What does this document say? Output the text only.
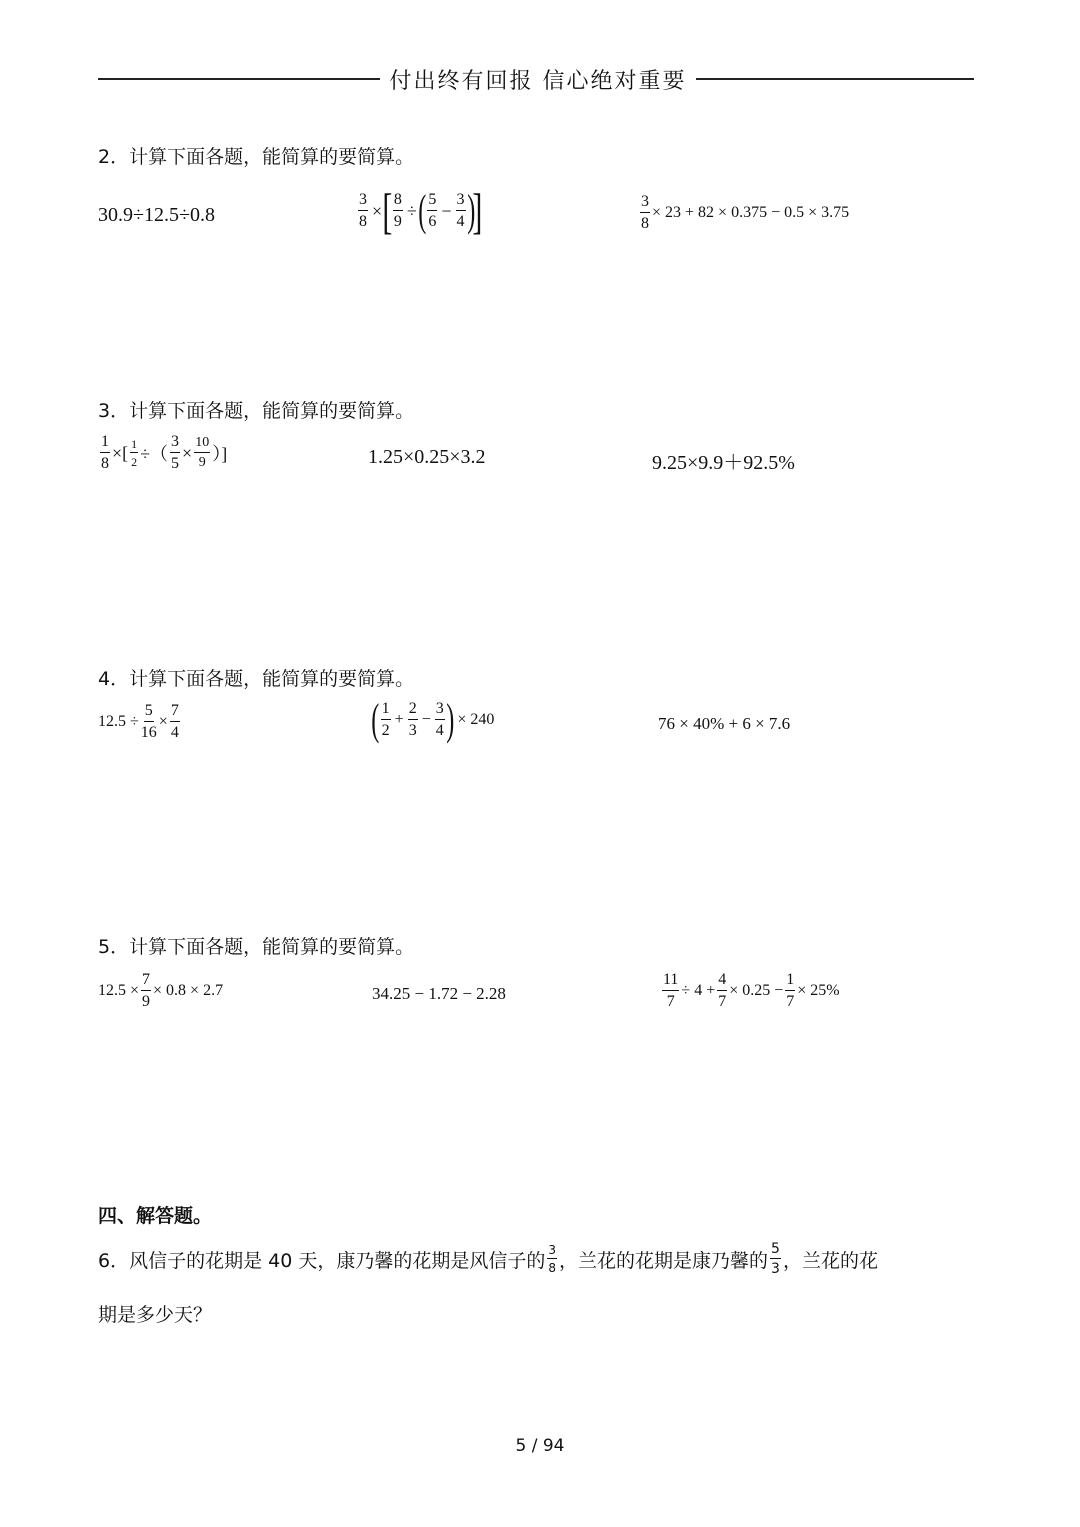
付出终有回报 信心绝对重要
2．计算下面各题，能简算的要简算。
30.9÷12.5÷0.8	$\frac{3}{8}$ × [ $\frac{8}{9}$ ÷ ( $\frac{5}{6} - \frac{3}{4}$ )
]	$\frac{3}{8} \times 23 + 82 \times 0.375 - 0.5 \times 3.75$
3．计算下面各题，能简算的要简算。
$\frac{1}{8}$ ×[ $\frac{1}{2}$ ÷（ $\frac{3}{5} \times \frac{10}{9}$ ）]	1.25×0.25×3.2	9.25×9.9＋92.5%
4．计算下面各题，能简算的要简算。
$12.5 \div \frac{5}{16} \times \frac{7}{4}$	( $\frac{1}{2} + \frac{2}{3} - \frac{3}{4}$ ) × 240	76 × 40% + 6 × 7.6
5．计算下面各题，能简算的要简算。
$12.5 \times \frac{7}{9} \times 0.8 \times 2.7$	34.25 − 1.72 − 2.28	$\frac{11}{7} \div 4 + \frac{4}{7} \times 0.25 - \frac{1}{7} \times 25\%$
四、解答题。
6．风信子的花期是 40 天，康乃馨的花期是风信子的 $\frac{3}{8}$ ，兰花的花期是康乃馨的 $\frac{5}{3}$ ，兰花的花
期是多少天？
5 / 94
